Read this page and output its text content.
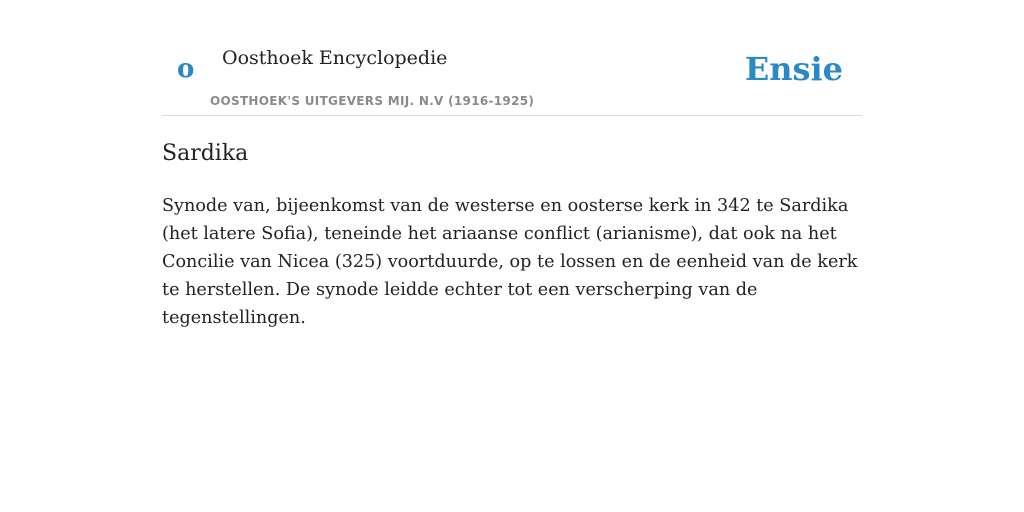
o Oosthoek Encyclopedie
OOSTHOEK'S UITGEVERS MIJ. N.V (1916-1925)
Ensie
Sardika

Synode van, bijeenkomst van de westerse en oosterse kerk in 342 te Sardika (het latere Sofia), teneinde het ariaanse conflict (arianisme), dat ook na het Concilie van Nicea (325) voortduurde, op te lossen en de eenheid van de kerk te herstellen. De synode leidde echter tot een verscherping van de tegenstellingen.
